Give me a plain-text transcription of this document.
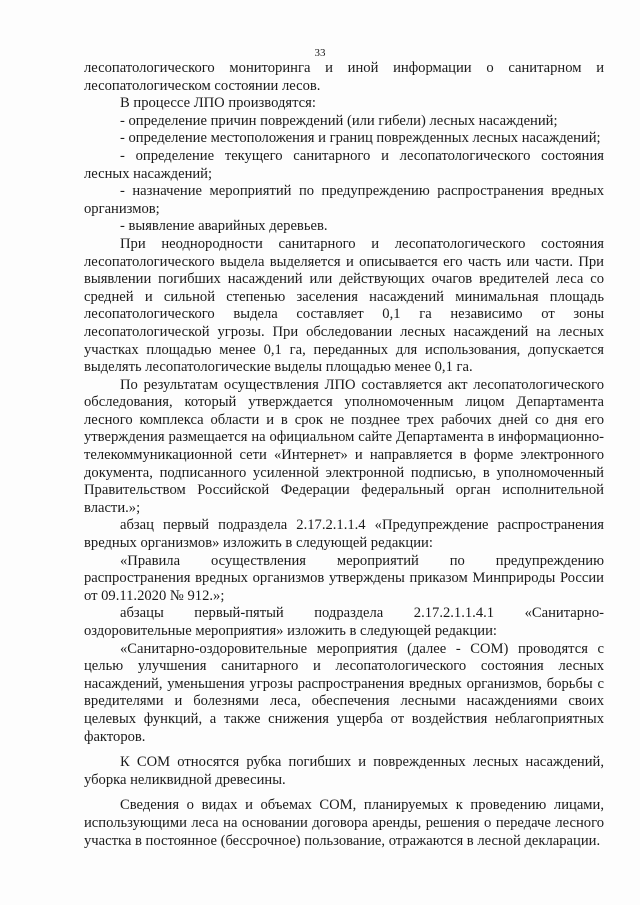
33

лесопатологического мониторинга и иной информации о санитарном и лесопатологическом состоянии лесов.

В процессе ЛПО производятся:

- определение причин повреждений (или гибели) лесных насаждений;

- определение местоположения и границ поврежденных лесных насаждений;

- определение текущего санитарного и лесопатологического состояния лесных насаждений;

- назначение мероприятий по предупреждению распространения вредных организмов;

- выявление аварийных деревьев.

При неоднородности санитарного и лесопатологического состояния лесопатологического выдела выделяется и описывается его часть или части. При выявлении погибших насаждений или действующих очагов вредителей леса со средней и сильной степенью заселения насаждений минимальная площадь лесопатологического выдела составляет 0,1 га независимо от зоны лесопатологической угрозы. При обследовании лесных насаждений на лесных участках площадью менее 0,1 га, переданных для использования, допускается выделять лесопатологические выделы площадью менее 0,1 га.

По результатам осуществления ЛПО составляется акт лесопатологического обследования, который утверждается уполномоченным лицом Департамента лесного комплекса области и в срок не позднее трех рабочих дней со дня его утверждения размещается на официальном сайте Департамента в информационно-телекоммуникационной сети «Интернет» и направляется в форме электронного документа, подписанного усиленной электронной подписью, в уполномоченный Правительством Российской Федерации федеральный орган исполнительной власти.»;

абзац первый подраздела 2.17.2.1.1.4 «Предупреждение распространения вредных организмов» изложить в следующей редакции:

«Правила осуществления мероприятий по предупреждению распространения вредных организмов утверждены приказом Минприроды России от 09.11.2020 № 912.»;

абзацы первый-пятый подраздела 2.17.2.1.1.4.1 «Санитарно-оздоровительные мероприятия» изложить в следующей редакции:

«Санитарно-оздоровительные мероприятия (далее - СОМ) проводятся с целью улучшения санитарного и лесопатологического состояния лесных насаждений, уменьшения угрозы распространения вредных организмов, борьбы с вредителями и болезнями леса, обеспечения лесными насаждениями своих целевых функций, а также снижения ущерба от воздействия неблагоприятных факторов.

К СОМ относятся рубка погибших и поврежденных лесных насаждений, уборка неликвидной древесины.

Сведения о видах и объемах СОМ, планируемых к проведению лицами, использующими леса на основании договора аренды, решения о передаче лесного участка в постоянное (бессрочное) пользование, отражаются в лесной декларации.
